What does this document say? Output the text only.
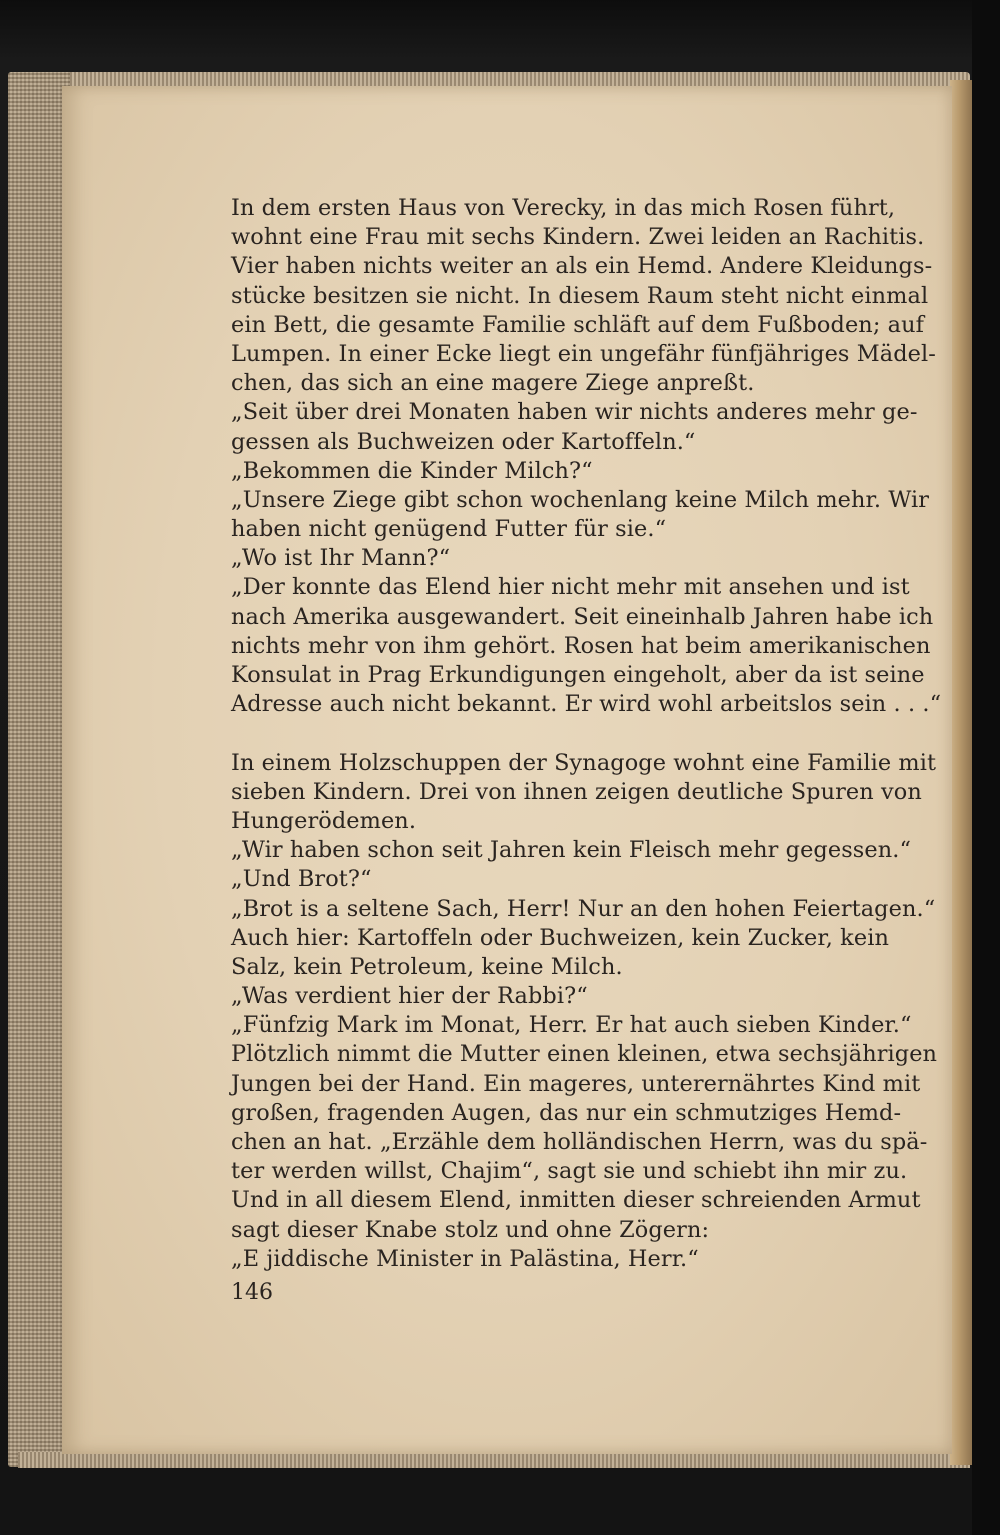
In dem ersten Haus von Verecky, in das mich Rosen führt,
wohnt eine Frau mit sechs Kindern. Zwei leiden an Rachitis.
Vier haben nichts weiter an als ein Hemd. Andere Kleidungs-
stücke besitzen sie nicht. In diesem Raum steht nicht einmal
ein Bett, die gesamte Familie schläft auf dem Fußboden; auf
Lumpen. In einer Ecke liegt ein ungefähr fünfjähriges Mädel-
chen, das sich an eine magere Ziege anpreßt.
„Seit über drei Monaten haben wir nichts anderes mehr ge-
gessen als Buchweizen oder Kartoffeln.“
„Bekommen die Kinder Milch?“
„Unsere Ziege gibt schon wochenlang keine Milch mehr. Wir
haben nicht genügend Futter für sie.“
„Wo ist Ihr Mann?“
„Der konnte das Elend hier nicht mehr mit ansehen und ist
nach Amerika ausgewandert. Seit eineinhalb Jahren habe ich
nichts mehr von ihm gehört. Rosen hat beim amerikanischen
Konsulat in Prag Erkundigungen eingeholt, aber da ist seine
Adresse auch nicht bekannt. Er wird wohl arbeitslos sein . . .“
In einem Holzschuppen der Synagoge wohnt eine Familie mit
sieben Kindern. Drei von ihnen zeigen deutliche Spuren von
Hungerödemen.
„Wir haben schon seit Jahren kein Fleisch mehr gegessen.“
„Und Brot?“
„Brot is a seltene Sach, Herr! Nur an den hohen Feiertagen.“
Auch hier: Kartoffeln oder Buchweizen, kein Zucker, kein
Salz, kein Petroleum, keine Milch.
„Was verdient hier der Rabbi?“
„Fünfzig Mark im Monat, Herr. Er hat auch sieben Kinder.“
Plötzlich nimmt die Mutter einen kleinen, etwa sechsjährigen
Jungen bei der Hand. Ein mageres, unterernährtes Kind mit
großen, fragenden Augen, das nur ein schmutziges Hemd-
chen an hat. „Erzähle dem holländischen Herrn, was du spä-
ter werden willst, Chajim“, sagt sie und schiebt ihn mir zu.
Und in all diesem Elend, inmitten dieser schreienden Armut
sagt dieser Knabe stolz und ohne Zögern:
„E jiddische Minister in Palästina, Herr.“
146
